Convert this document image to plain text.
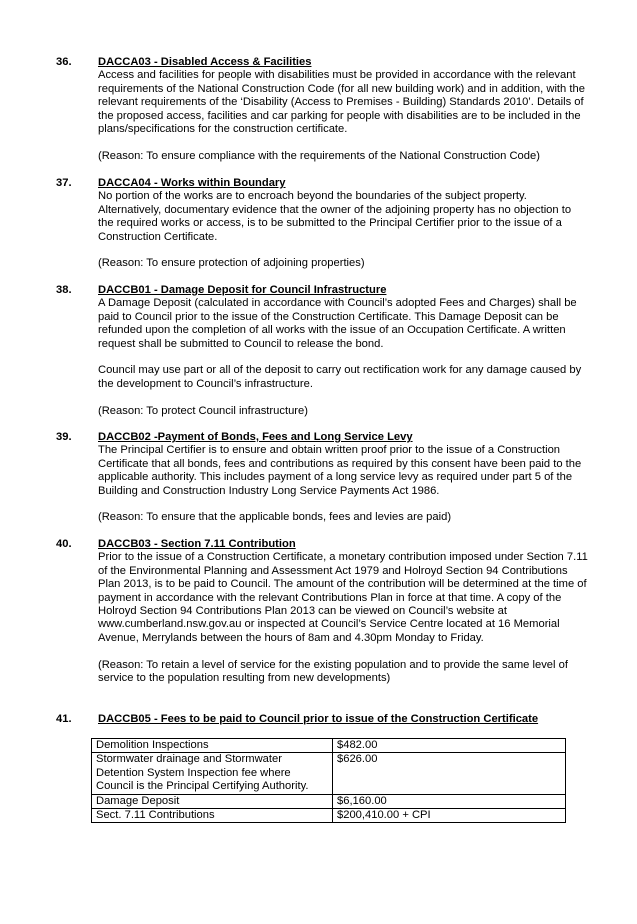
36. DACCA03 - Disabled Access & Facilities
Access and facilities for people with disabilities must be provided in accordance with the relevant requirements of the National Construction Code (for all new building work) and in addition, with the relevant requirements of the ‘Disability (Access to Premises - Building) Standards 2010’. Details of the proposed access, facilities and car parking for people with disabilities are to be included in the plans/specifications for the construction certificate.
(Reason: To ensure compliance with the requirements of the National Construction Code)
37. DACCA04 - Works within Boundary
No portion of the works are to encroach beyond the boundaries of the subject property. Alternatively, documentary evidence that the owner of the adjoining property has no objection to the required works or access, is to be submitted to the Principal Certifier prior to the issue of a Construction Certificate.
(Reason: To ensure protection of adjoining properties)
38. DACCB01 - Damage Deposit for Council Infrastructure
A Damage Deposit (calculated in accordance with Council’s adopted Fees and Charges) shall be paid to Council prior to the issue of the Construction Certificate. This Damage Deposit can be refunded upon the completion of all works with the issue of an Occupation Certificate. A written request shall be submitted to Council to release the bond.
Council may use part or all of the deposit to carry out rectification work for any damage caused by the development to Council’s infrastructure.
(Reason: To protect Council infrastructure)
39. DACCB02 -Payment of Bonds, Fees and Long Service Levy
The Principal Certifier is to ensure and obtain written proof prior to the issue of a Construction Certificate that all bonds, fees and contributions as required by this consent have been paid to the applicable authority. This includes payment of a long service levy as required under part 5 of the Building and Construction Industry Long Service Payments Act 1986.
(Reason: To ensure that the applicable bonds, fees and levies are paid)
40. DACCB03 - Section 7.11 Contribution
Prior to the issue of a Construction Certificate, a monetary contribution imposed under Section 7.11 of the Environmental Planning and Assessment Act 1979 and Holroyd Section 94 Contributions Plan 2013, is to be paid to Council. The amount of the contribution will be determined at the time of payment in accordance with the relevant Contributions Plan in force at that time. A copy of the Holroyd Section 94 Contributions Plan 2013 can be viewed on Council’s website at www.cumberland.nsw.gov.au or inspected at Council’s Service Centre located at 16 Memorial Avenue, Merrylands between the hours of 8am and 4.30pm Monday to Friday.
(Reason: To retain a level of service for the existing population and to provide the same level of service to the population resulting from new developments)
41. DACCB05 - Fees to be paid to Council prior to issue of the Construction Certificate
Demolition Inspections	$482.00
Stormwater drainage and Stormwater Detention System Inspection fee where Council is the Principal Certifying Authority.	$626.00
Damage Deposit	$6,160.00
Sect. 7.11 Contributions	$200,410.00 + CPI
